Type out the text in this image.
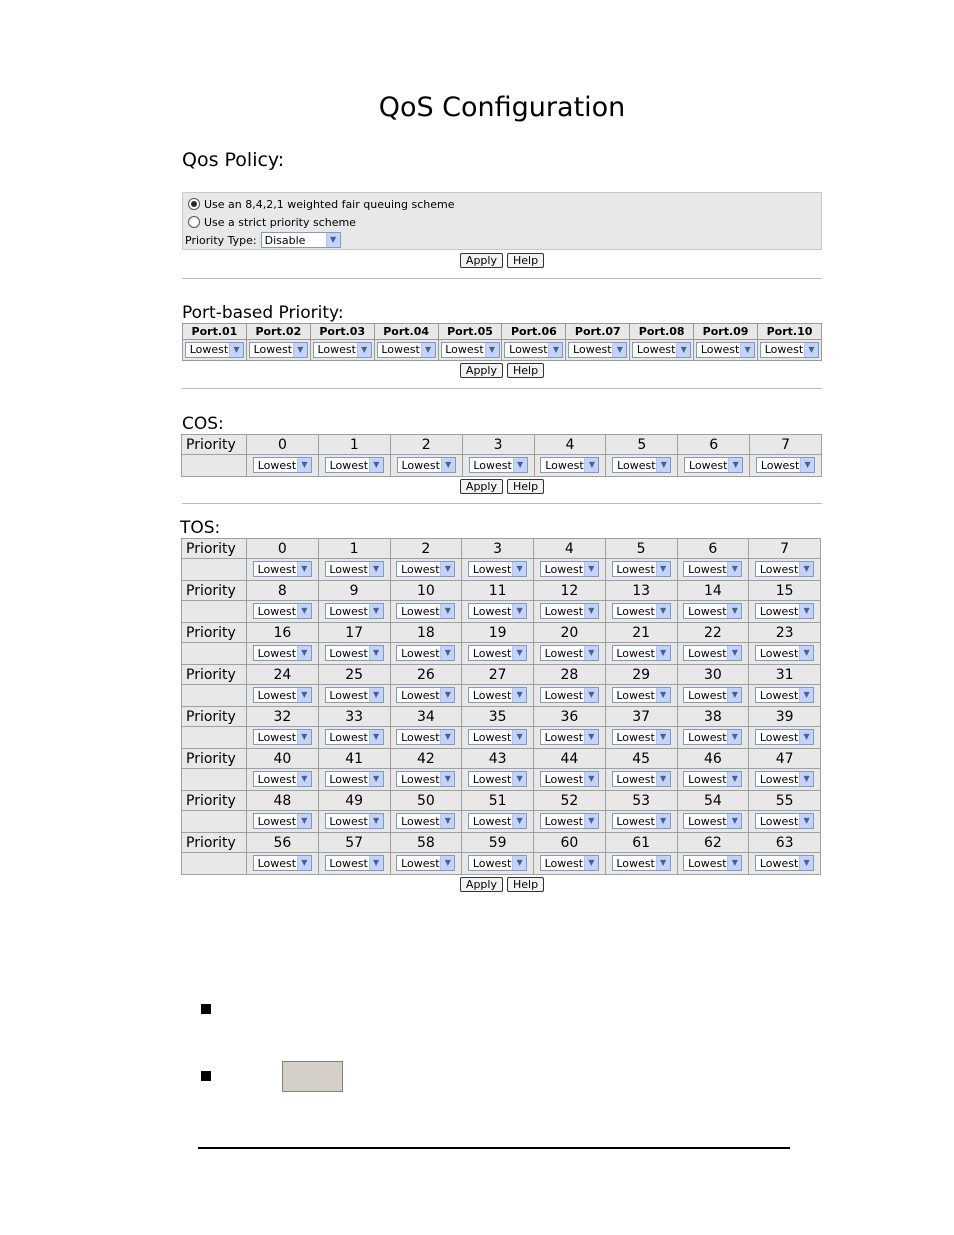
QoS Configuration
Qos Policy:
Use an 8,4,2,1 weighted fair queuing scheme
Use a strict priority scheme
Priority Type: Disable	▼
Apply Help
Port-based Priority:
Port.01	Port.02	Port.03	Port.04	Port.05	Port.06	Port.07	Port.08	Port.09	Port.10

Lowest ▼	Lowest ▼	Lowest ▼	Lowest ▼	Lowest ▼	Lowest ▼	Lowest ▼	Lowest ▼	Lowest ▼	Lowest ▼
Apply Help
COS:
Priority	0	1	2	3	4	5	6	7

	Lowest ▼	Lowest ▼	Lowest ▼	Lowest ▼	Lowest ▼	Lowest ▼	Lowest ▼	Lowest ▼
Apply Help
TOS:
Priority	0	1	2	3	4	5	6	7

	Lowest ▼	Lowest ▼	Lowest ▼	Lowest ▼	Lowest ▼	Lowest ▼	Lowest ▼	Lowest ▼

Priority	8	9	10	11	12	13	14	15

	Lowest ▼	Lowest ▼	Lowest ▼	Lowest ▼	Lowest ▼	Lowest ▼	Lowest ▼	Lowest ▼

Priority	16	17	18	19	20	21	22	23

	Lowest ▼	Lowest ▼	Lowest ▼	Lowest ▼	Lowest ▼	Lowest ▼	Lowest ▼	Lowest ▼

Priority	24	25	26	27	28	29	30	31

	Lowest ▼	Lowest ▼	Lowest ▼	Lowest ▼	Lowest ▼	Lowest ▼	Lowest ▼	Lowest ▼

Priority	32	33	34	35	36	37	38	39

	Lowest ▼	Lowest ▼	Lowest ▼	Lowest ▼	Lowest ▼	Lowest ▼	Lowest ▼	Lowest ▼

Priority	40	41	42	43	44	45	46	47

	Lowest ▼	Lowest ▼	Lowest ▼	Lowest ▼	Lowest ▼	Lowest ▼	Lowest ▼	Lowest ▼

Priority	48	49	50	51	52	53	54	55

	Lowest ▼	Lowest ▼	Lowest ▼	Lowest ▼	Lowest ▼	Lowest ▼	Lowest ▼	Lowest ▼

Priority	56	57	58	59	60	61	62	63

	Lowest ▼	Lowest ▼	Lowest ▼	Lowest ▼	Lowest ▼	Lowest ▼	Lowest ▼	Lowest ▼
Apply Help
